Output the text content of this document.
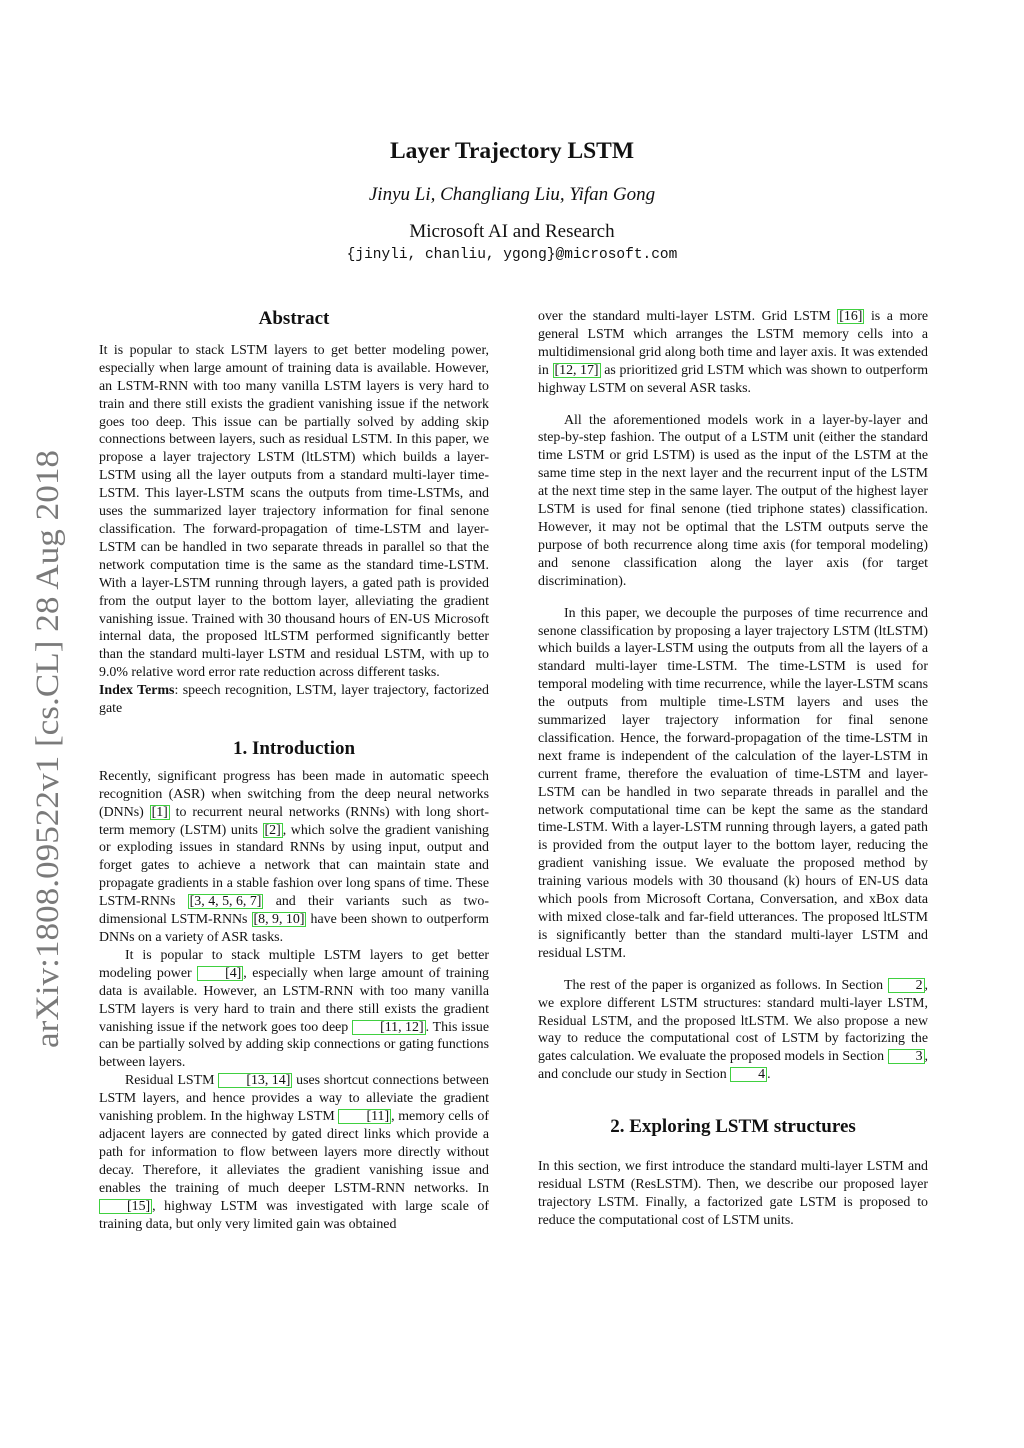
arXiv:1808.09522v1 [cs.CL] 28 Aug 2018
Layer Trajectory LSTM
Jinyu Li, Changliang Liu, Yifan Gong
Microsoft AI and Research
{jinyli, chanliu, ygong}@microsoft.com
Abstract

It is popular to stack LSTM layers to get better modeling power, especially when large amount of training data is available. However, an LSTM-RNN with too many vanilla LSTM layers is very hard to train and there still exists the gradient vanishing issue if the network goes too deep. This issue can be partially solved by adding skip connections between layers, such as residual LSTM. In this paper, we propose a layer trajectory LSTM (ltLSTM) which builds a layer-LSTM using all the layer outputs from a standard multi-layer time-LSTM. This layer-LSTM scans the outputs from time-LSTMs, and uses the summarized layer trajectory information for final senone classification. The forward-propagation of time-LSTM and layer-LSTM can be handled in two separate threads in parallel so that the network computation time is the same as the standard time-LSTM. With a layer-LSTM running through layers, a gated path is provided from the output layer to the bottom layer, alleviating the gradient vanishing issue. Trained with 30 thousand hours of EN-US Microsoft internal data, the proposed ltLSTM performed significantly better than the standard multi-layer LSTM and residual LSTM, with up to 9.0% relative word error rate reduction across different tasks.

Index Terms: speech recognition, LSTM, layer trajectory, factorized gate

1. Introduction

Recently, significant progress has been made in automatic speech recognition (ASR) when switching from the deep neural networks (DNNs) [1] to recurrent neural networks (RNNs) with long short-term memory (LSTM) units [2] , which solve the gradient vanishing or exploding issues in standard RNNs by using input, output and forget gates to achieve a network that can maintain state and propagate gradients in a stable fashion over long spans of time. These LSTM-RNNs [3, 4, 5, 6, 7] and their variants such as two-dimensional LSTM-RNNs [8, 9, 10] have been shown to outperform DNNs on a variety of ASR tasks.

It is popular to stack multiple LSTM layers to get better modeling power [4] , especially when large amount of training data is available. However, an LSTM-RNN with too many vanilla LSTM layers is very hard to train and there still exists the gradient vanishing issue if the network goes too deep [11, 12] . This issue can be partially solved by adding skip connections or gating functions between layers.

Residual LSTM [13, 14] uses shortcut connections between LSTM layers, and hence provides a way to alleviate the gradient vanishing problem. In the highway LSTM [11] , memory cells of adjacent layers are connected by gated direct links which provide a path for information to flow between layers more directly without decay. Therefore, it alleviates the gradient vanishing issue and enables the training of much deeper LSTM-RNN networks. In [15] , highway LSTM was investigated with large scale of training data, but only very limited gain was obtained

over the standard multi-layer LSTM. Grid LSTM [16] is a more general LSTM which arranges the LSTM memory cells into a multidimensional grid along both time and layer axis. It was extended in [12, 17] as prioritized grid LSTM which was shown to outperform highway LSTM on several ASR tasks.

All the aforementioned models work in a layer-by-layer and step-by-step fashion. The output of a LSTM unit (either the standard time LSTM or grid LSTM) is used as the input of the LSTM at the same time step in the next layer and the recurrent input of the LSTM at the next time step in the same layer. The output of the highest layer LSTM is used for final senone (tied triphone states) classification. However, it may not be optimal that the LSTM outputs serve the purpose of both recurrence along time axis (for temporal modeling) and senone classification along the layer axis (for target discrimination).

In this paper, we decouple the purposes of time recurrence and senone classification by proposing a layer trajectory LSTM (ltLSTM) which builds a layer-LSTM using the outputs from all the layers of a standard multi-layer time-LSTM. The time-LSTM is used for temporal modeling with time recurrence, while the layer-LSTM scans the outputs from multiple time-LSTM layers and uses the summarized layer trajectory information for final senone classification. Hence, the forward-propagation of the time-LSTM in next frame is independent of the calculation of the layer-LSTM in current frame, therefore the evaluation of time-LSTM and layer-LSTM can be handled in two separate threads in parallel and the network computational time can be kept the same as the standard time-LSTM. With a layer-LSTM running through layers, a gated path is provided from the output layer to the bottom layer, reducing the gradient vanishing issue. We evaluate the proposed method by training various models with 30 thousand (k) hours of EN-US data which pools from Microsoft Cortana, Conversation, and xBox data with mixed close-talk and far-field utterances. The proposed ltLSTM is significantly better than the standard multi-layer LSTM and residual LSTM.

The rest of the paper is organized as follows. In Section 2 , we explore different LSTM structures: standard multi-layer LSTM, Residual LSTM, and the proposed ltLSTM. We also propose a new way to reduce the computational cost of LSTM by factorizing the gates calculation. We evaluate the proposed models in Section 3 , and conclude our study in Section 4 .

2. Exploring LSTM structures

In this section, we first introduce the standard multi-layer LSTM and residual LSTM (ResLSTM). Then, we describe our proposed layer trajectory LSTM. Finally, a factorized gate LSTM is proposed to reduce the computational cost of LSTM units.
